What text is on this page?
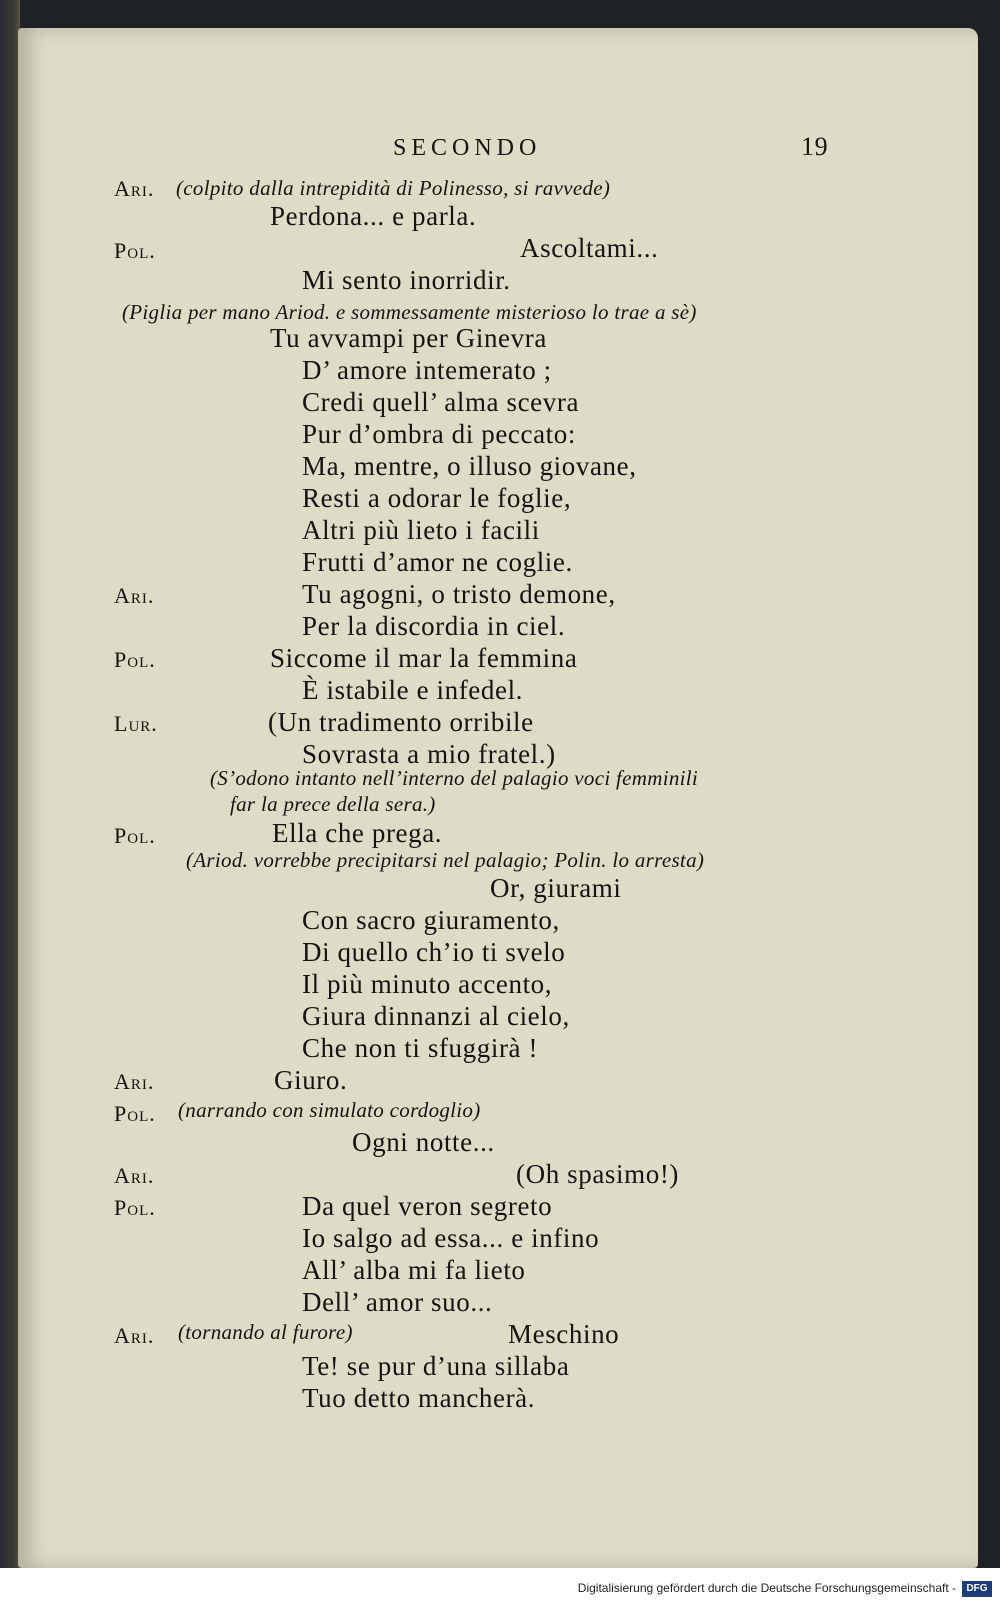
SECONDO	19
Ari. (colpito dalla intrepidità di Polinesso, si ravvede)
Perdona... e parla.
Pol.	Ascoltami...
Mi sento inorridir.
(Piglia per mano Ariod. e sommessamente misterioso lo trae a sè)
Tu avvampi per Ginevra
D’ amore intemerato ;
Credi quell’ alma scevra
Pur d’ombra di peccato:
Ma, mentre, o illuso giovane,
Resti a odorar le foglie,
Altri più lieto i facili
Frutti d’amor ne coglie.
Ari.	Tu agogni, o tristo demone,
Per la discordia in ciel.
Pol.	Siccome il mar la femmina
È istabile e infedel.
Lur.	(Un tradimento orribile
Sovrasta a mio fratel.)
(S’odono intanto nell’interno del palagio voci femminili
far la prece della sera.)
Pol.	Ella che prega.
(Ariod. vorrebbe precipitarsi nel palagio; Polin. lo arresta)
Or, giurami
Con sacro giuramento,
Di quello ch’io ti svelo
Il più minuto accento,
Giura dinnanzi al cielo,
Che non ti sfuggirà !
Ari.	Giuro.
Pol. (narrando con simulato cordoglio)
Ogni notte...
Ari.	(Oh spasimo!)
Pol.	Da quel veron segreto
Io salgo ad essa... e infino
All’ alba mi fa lieto
Dell’ amor suo...
Ari. (tornando al furore)	Meschino
Te! se pur d’una sillaba
Tuo detto mancherà.
Digitalisierung gefördert durch die Deutsche Forschungsgemeinschaft -	DFG
